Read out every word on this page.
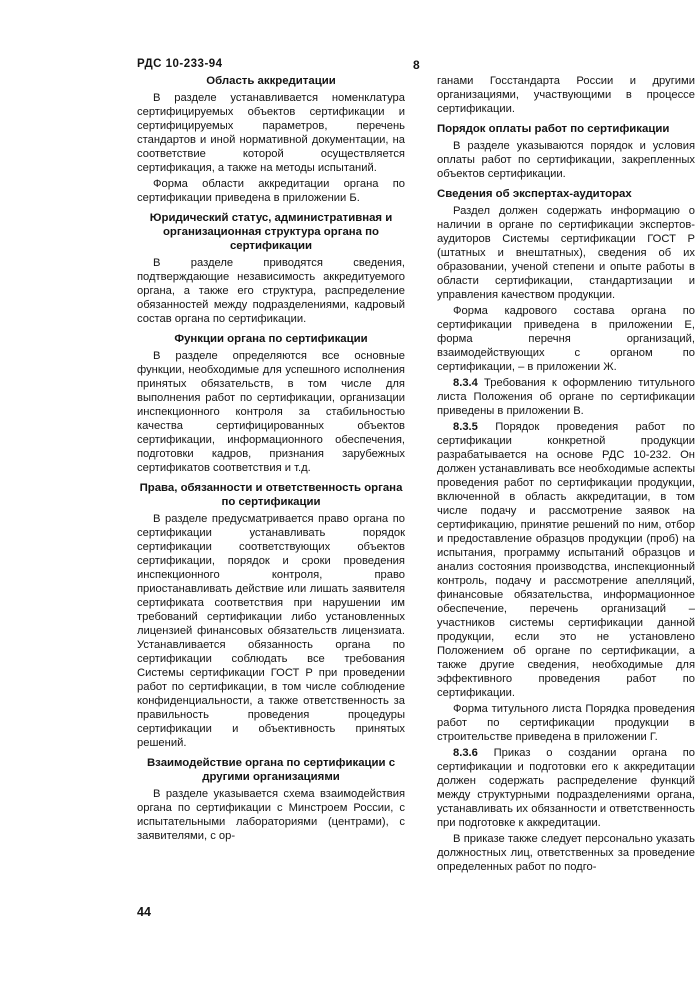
РДС 10-233-94	8
Область аккредитации

В разделе устанавливается номенклатура сертифицируемых объектов сертификации и сертифицируемых параметров, перечень стандартов и иной нормативной документации, на соответствие которой осуществляется сертификация, а также на методы испытаний.

Форма области аккредитации органа по сертификации приведена в приложении Б.

Юридический статус, административная и организационная структура органа по сертификации

В разделе приводятся сведения, подтверждающие независимость аккредитуемого органа, а также его структура, распределение обязанностей между подразделениями, кадровый состав органа по сертификации.

Функции органа по сертификации

В разделе определяются все основные функции, необходимые для успешного исполнения принятых обязательств, в том числе для выполнения работ по сертификации, организации инспекционного контроля за стабильностью качества сертифицированных объектов сертификации, информационного обеспечения, подготовки кадров, признания зарубежных сертификатов соответствия и т.д.

Права, обязанности и ответственность органа по сертификации

В разделе предусматривается право органа по сертификации устанавливать порядок сертификации соответствующих объектов сертификации, порядок и сроки проведения инспекционного контроля, право приостанавливать действие или лишать заявителя сертификата соответствия при нарушении им требований сертификации либо установленных лицензией финансовых обязательств лицензиата. Устанавливается обязанность органа по сертификации соблюдать все требования Системы сертификации ГОСТ Р при проведении работ по сертификации, в том числе соблюдение конфиденциальности, а также ответственность за правильность проведения процедуры сертификации и объективность принятых решений.

Взаимодействие органа по сертификации с другими организациями

В разделе указывается схема взаимодействия органа по сертификации с Минстроем России, с испытательными лабораториями (центрами), с заявителями, с ор-

ганами Госстандарта России и другими организациями, участвующими в процессе сертификации.

Порядок оплаты работ по сертификации

В разделе указываются порядок и условия оплаты работ по сертификации, закрепленных объектов сертификации.

Сведения об экспертах-аудиторах

Раздел должен содержать информацию о наличии в органе по сертификации экспертов-аудиторов Системы сертификации ГОСТ Р (штатных и внештатных), сведения об их образовании, ученой степени и опыте работы в области сертификации, стандартизации и управления качеством продукции.

Форма кадрового состава органа по сертификации приведена в приложении Е, форма перечня организаций, взаимодействующих с органом по сертификации, – в приложении Ж.

8.3.4 Требования к оформлению титульного листа Положения об органе по сертификации приведены в приложении В.

8.3.5 Порядок проведения работ по сертификации конкретной продукции разрабатывается на основе РДС 10-232. Он должен устанавливать все необходимые аспекты проведения работ по сертификации продукции, включенной в область аккредитации, в том числе подачу и рассмотрение заявок на сертификацию, принятие решений по ним, отбор и предоставление образцов продукции (проб) на испытания, программу испытаний образцов и анализ состояния производства, инспекционный контроль, подачу и рассмотрение апелляций, финансовые обязательства, информационное обеспечение, перечень организаций – участников системы сертификации данной продукции, если это не установлено Положением об органе по сертификации, а также другие сведения, необходимые для эффективного проведения работ по сертификации.

Форма титульного листа Порядка проведения работ по сертификации продукции в строительстве приведена в приложении Г.

8.3.6 Приказ о создании органа по сертификации и подготовки его к аккредитации должен содержать распределение функций между структурными подразделениями органа, устанавливать их обязанности и ответственность при подготовке к аккредитации.

В приказе также следует персонально указать должностных лиц, ответственных за проведение определенных работ по подго-

44
